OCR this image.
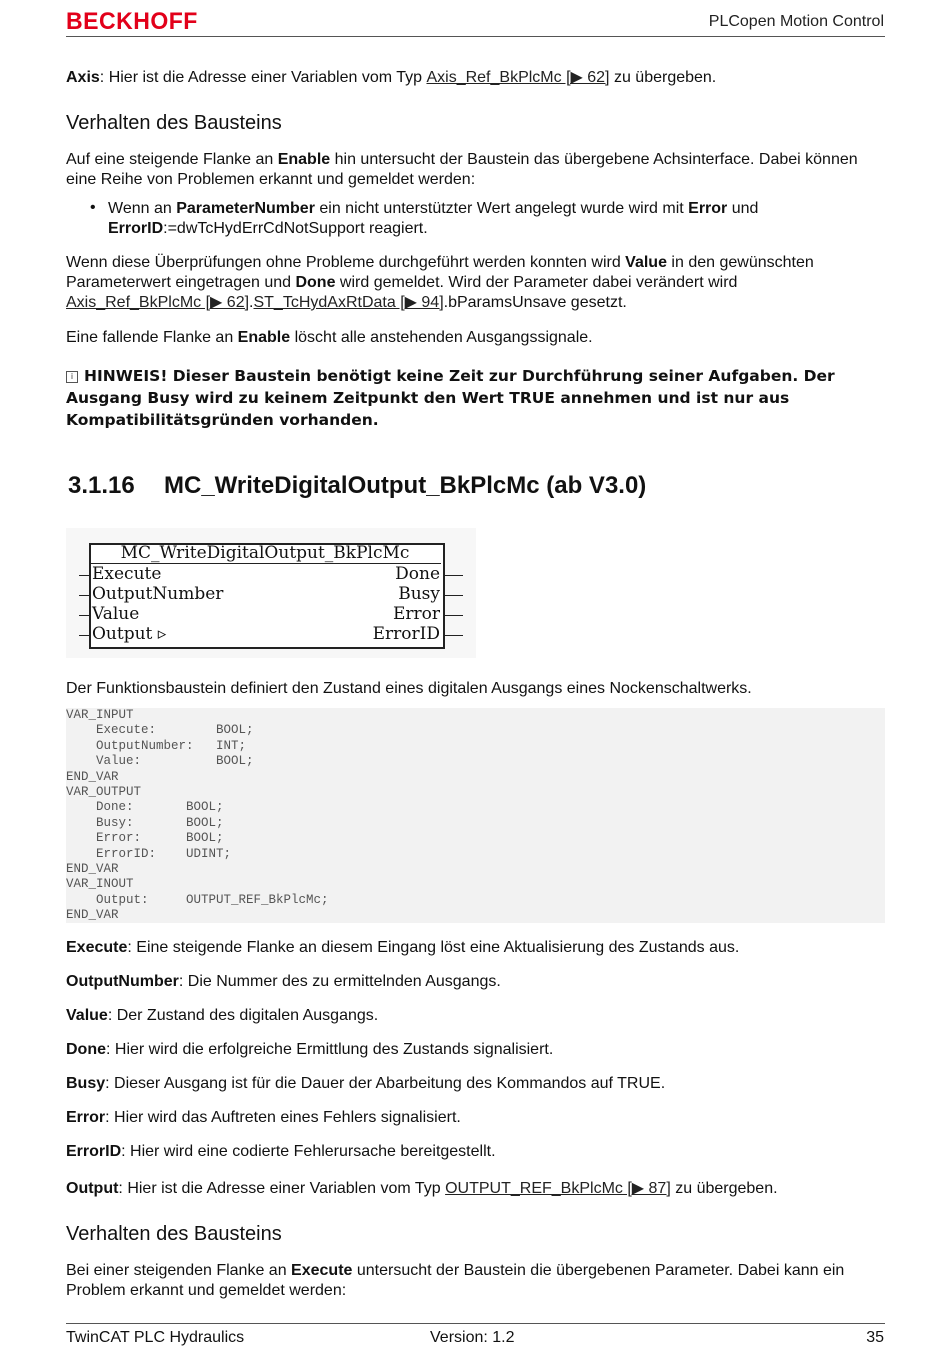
BECKHOFF	PLCopen Motion Control
Axis: Hier ist die Adresse einer Variablen vom Typ Axis_Ref_BkPlcMc [▶ 62] zu übergeben.
Verhalten des Bausteins
Auf eine steigende Flanke an Enable hin untersucht der Baustein das übergebene Achsinterface. Dabei können eine Reihe von Problemen erkannt und gemeldet werden:
• Wenn an ParameterNumber ein nicht unterstützter Wert angelegt wurde wird mit Error und
ErrorID:=dwTcHydErrCdNotSupport reagiert.
Wenn diese Überprüfungen ohne Probleme durchgeführt werden konnten wird Value in den gewünschten Parameterwert eingetragen und Done wird gemeldet. Wird der Parameter dabei verändert wird
Axis_Ref_BkPlcMc [▶ 62].ST_TcHydAxRtData [▶ 94].bParamsUnsave gesetzt.
Eine fallende Flanke an Enable löscht alle anstehenden Ausgangssignale.
i HINWEIS! Dieser Baustein benötigt keine Zeit zur Durchführung seiner Aufgaben. Der Ausgang Busy wird zu keinem Zeitpunkt den Wert TRUE annehmen und ist nur aus Kompatibilitätsgründen vorhanden.
3.1.16 MC_WriteDigitalOutput_BkPlcMc (ab V3.0)
MC_WriteDigitalOutput_BkPlcMc
Execute
OutputNumber
Value
Output ▹
Done
Busy
Error
ErrorID
Der Funktionsbaustein definiert den Zustand eines digitalen Ausgangs eines Nockenschaltwerks.
VAR_INPUT
Execute:        BOOL;
OutputNumber:   INT;
Value:          BOOL;
END_VAR
VAR_OUTPUT
Done:       BOOL;
Busy:       BOOL;
Error:      BOOL;
ErrorID:    UDINT;
END_VAR
VAR_INOUT
Output:     OUTPUT_REF_BkPlcMc;
END_VAR
Execute: Eine steigende Flanke an diesem Eingang löst eine Aktualisierung des Zustands aus.
OutputNumber: Die Nummer des zu ermittelnden Ausgangs.
Value: Der Zustand des digitalen Ausgangs.
Done: Hier wird die erfolgreiche Ermittlung des Zustands signalisiert.
Busy: Dieser Ausgang ist für die Dauer der Abarbeitung des Kommandos auf TRUE.
Error: Hier wird das Auftreten eines Fehlers signalisiert.
ErrorID: Hier wird eine codierte Fehlerursache bereitgestellt.
Output: Hier ist die Adresse einer Variablen vom Typ OUTPUT_REF_BkPlcMc [▶ 87] zu übergeben.
Verhalten des Bausteins
Bei einer steigenden Flanke an Execute untersucht der Baustein die übergebenen Parameter. Dabei kann ein Problem erkannt und gemeldet werden:
TwinCAT PLC Hydraulics	Version: 1.2	35
